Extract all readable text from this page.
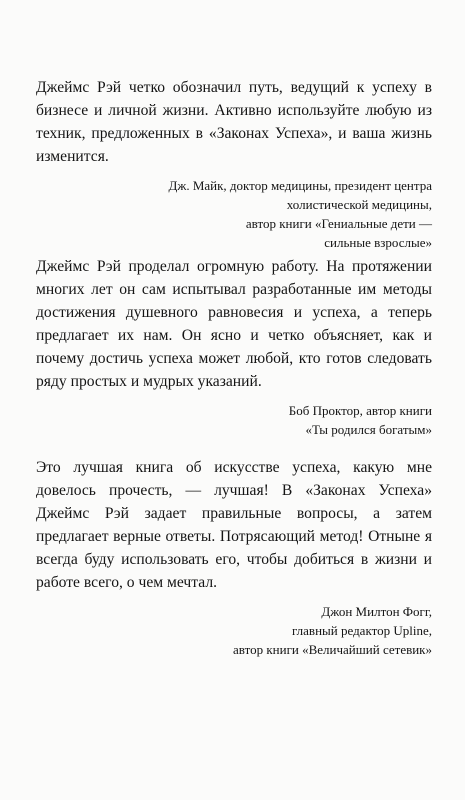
Джеймс Рэй четко обозначил путь, ведущий к успеху в бизнесе и личной жизни. Активно используйте любую из техник, предложенных в «Законах Успеха», и ваша жизнь изменится.

Дж. Майк, доктор медицины, президент центра
холистической медицины,
автор книги «Гениальные дети —
сильные взрослые»

Джеймс Рэй проделал огромную работу. На протяжении многих лет он сам испытывал разработанные им методы достижения душевного равновесия и успеха, а теперь предлагает их нам. Он ясно и четко объясняет, как и почему достичь успеха может любой, кто готов следовать ряду простых и мудрых указаний.

Боб Проктор, автор книги
«Ты родился богатым»

Это лучшая книга об искусстве успеха, какую мне довелось прочесть, — лучшая! В «Законах Успеха» Джеймс Рэй задает правильные вопросы, а затем предлагает верные ответы. Потрясающий метод! Отныне я всегда буду использовать его, чтобы добиться в жизни и работе всего, о чем мечтал.

Джон Милтон Фогг,
главный редактор Upline,
автор книги «Величайший сетевик»
